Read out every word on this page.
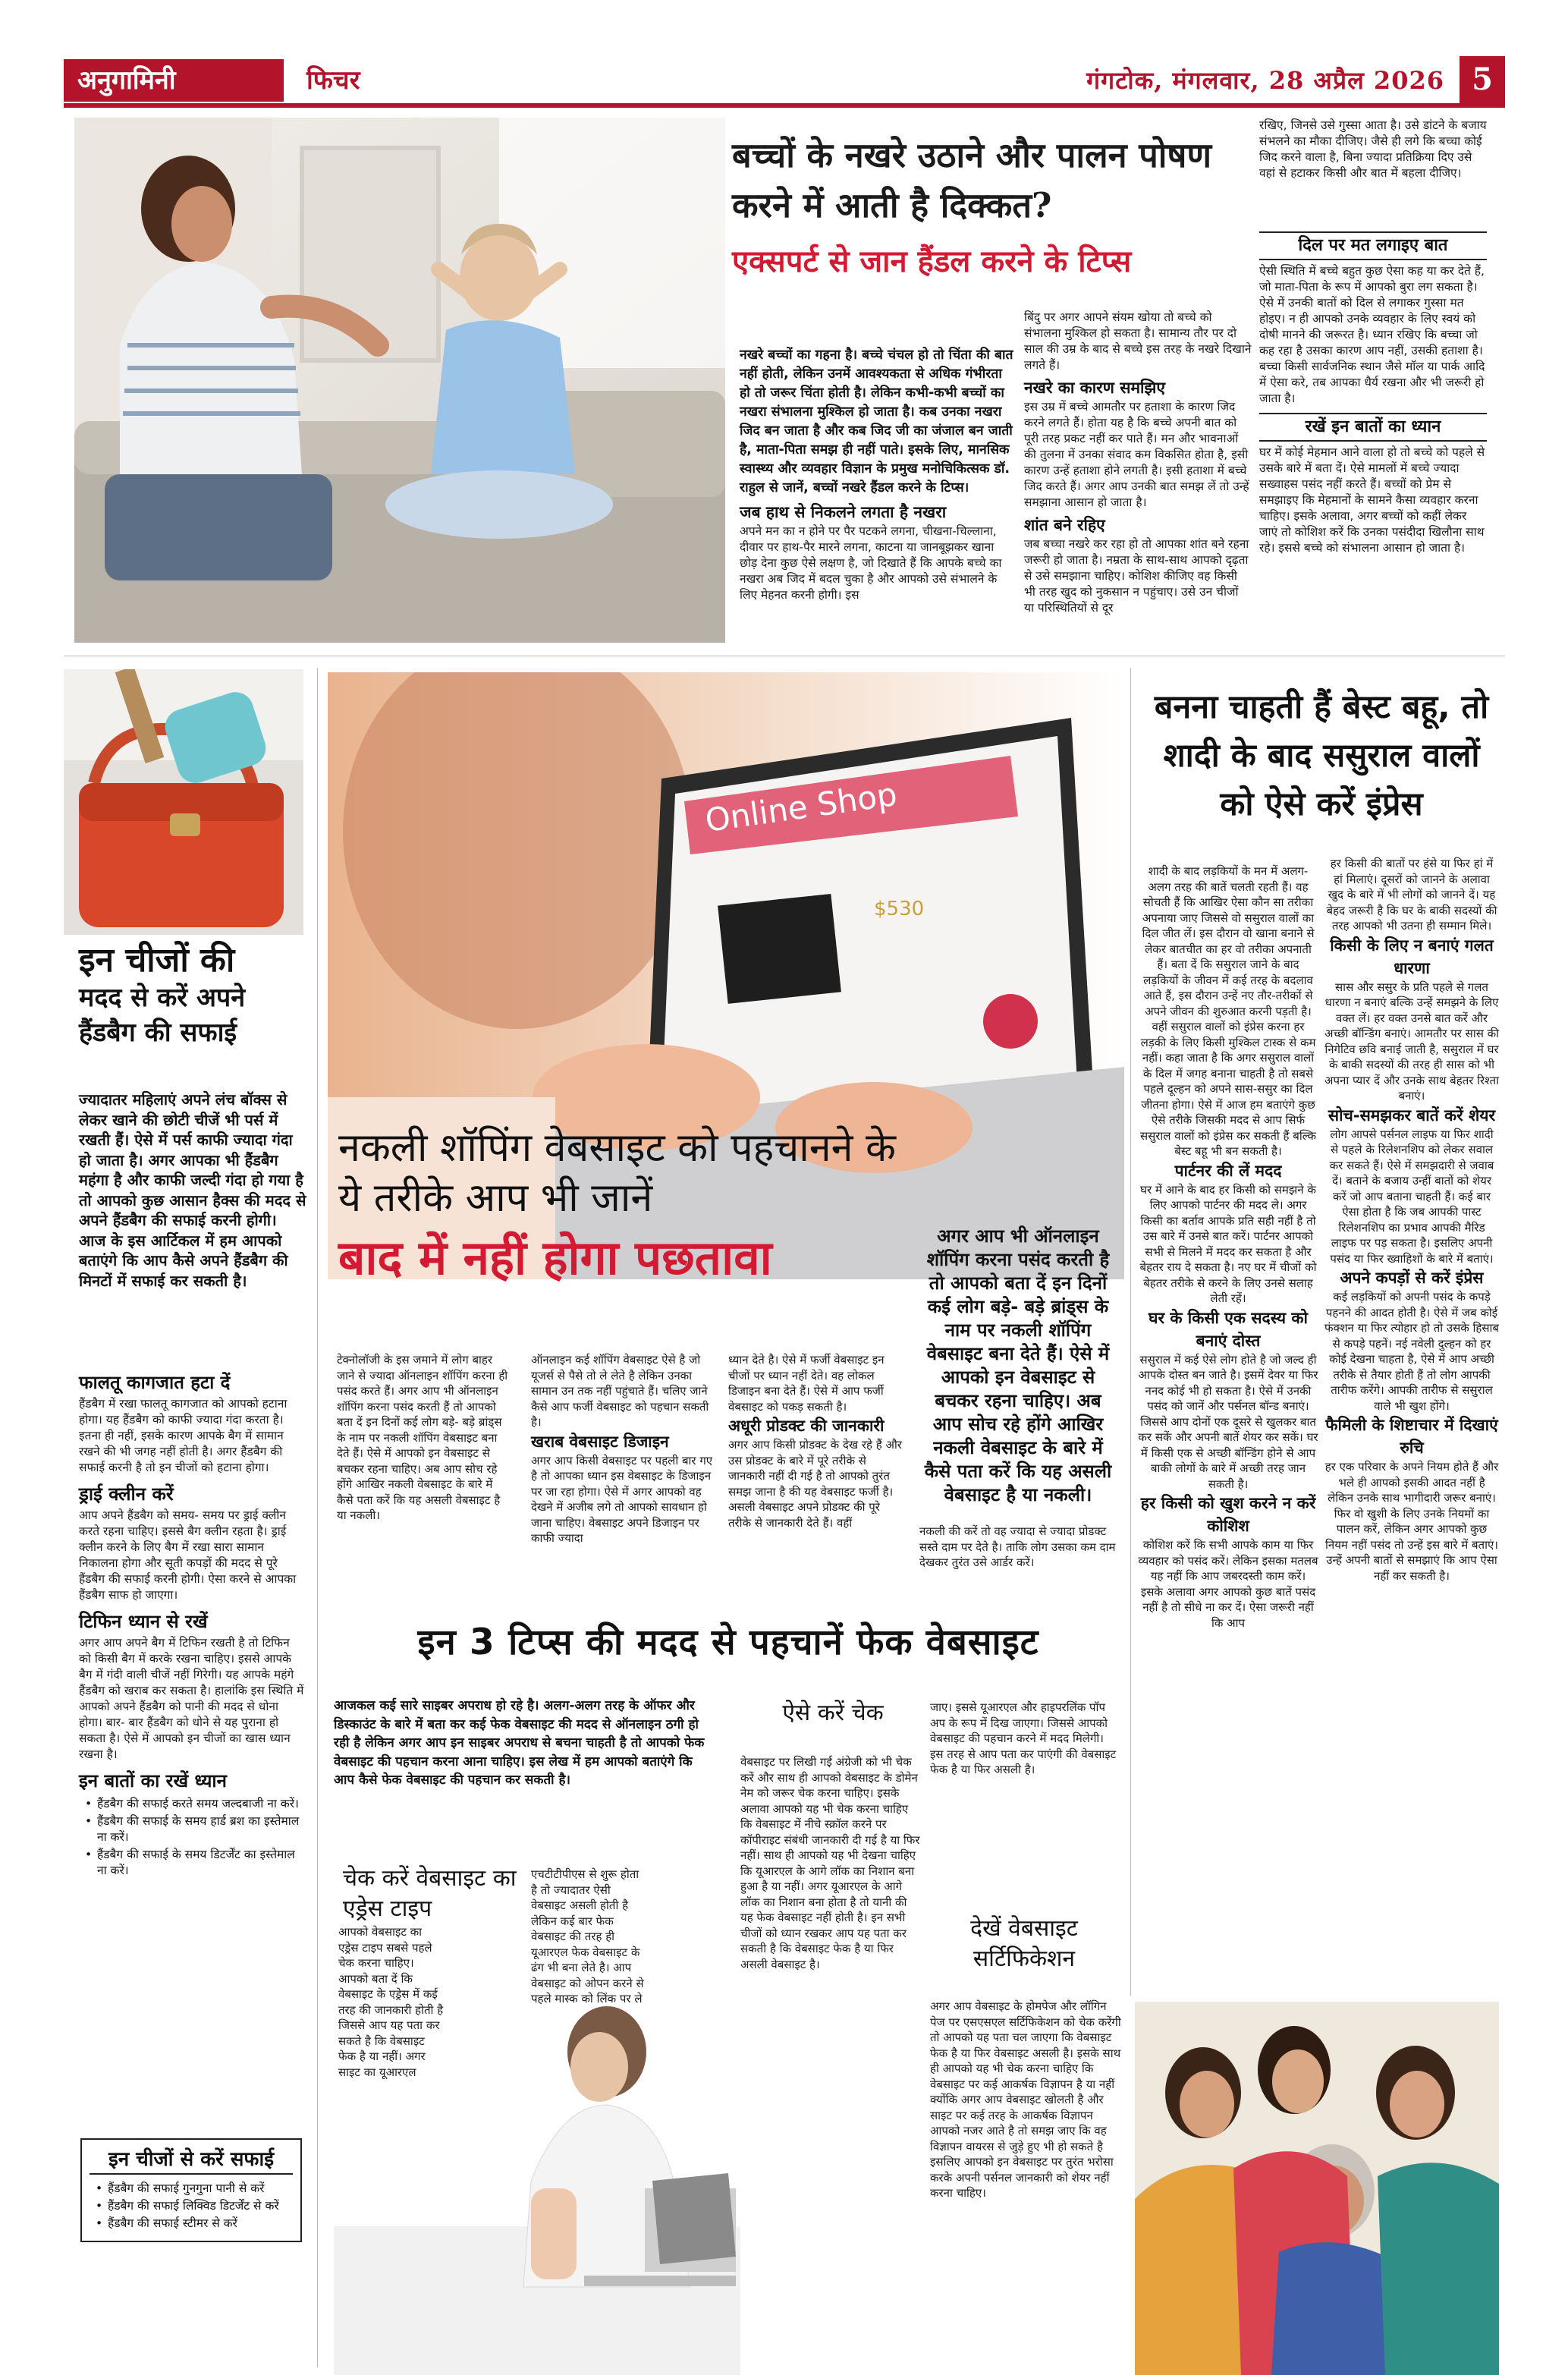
अनुगामिनी	फिचर	गंगटोक, मंगलवार, 28 अप्रैल 2026 5
बच्चों के नखरे उठाने और पालन पोषण करने में आती है दिक्कत?
एक्सपर्ट से जान हैंडल करने के टिप्स

नखरे बच्चों का गहना है। बच्चे चंचल हो तो चिंता की बात नहीं होती, लेकिन उनमें आवश्यकता से अधिक गंभीरता हो तो जरूर चिंता होती है। लेकिन कभी-कभी बच्चों का नखरा संभालना मुश्किल हो जाता है। कब उनका नखरा जिद बन जाता है और कब जिद जी का जंजाल बन जाती है, माता-पिता समझ ही नहीं पाते। इसके लिए, मानसिक स्वास्थ्य और व्यवहार विज्ञान के प्रमुख मनोचिकित्सक डॉ. राहुल से जानें, बच्चों नखरे हैंडल करने के टिप्स।

जब हाथ से निकलने लगता है नखरा

अपने मन का न होने पर पैर पटकने लगना, चीखना-चिल्लाना, दीवार पर हाथ-पैर मारने लगना, काटना या जानबूझकर खाना छोड़ देना कुछ ऐसे लक्षण है, जो दिखाते हैं कि आपके बच्चे का नखरा अब जिद में बदल चुका है और आपको उसे संभालने के लिए मेहनत करनी होगी। इस

बिंदु पर अगर आपने संयम खोया तो बच्चे को संभालना मुश्किल हो सकता है। सामान्य तौर पर दो साल की उम्र के बाद से बच्चे इस तरह के नखरे दिखाने लगते हैं।

नखरे का कारण समझिए

इस उम्र में बच्चे आमतौर पर हताशा के कारण जिद करने लगते हैं। होता यह है कि बच्चे अपनी बात को पूरी तरह प्रकट नहीं कर पाते हैं। मन और भावनाओं की तुलना में उनका संवाद कम विकसित होता है, इसी कारण उन्हें हताशा होने लगती है। इसी हताशा में बच्चे जिद करते हैं। अगर आप उनकी बात समझ लें तो उन्हें समझाना आसान हो जाता है।

शांत बने रहिए

जब बच्चा नखरे कर रहा हो तो आपका शांत बने रहना जरूरी हो जाता है। नम्रता के साथ-साथ आपको दृढ़ता से उसे समझाना चाहिए। कोशिश कीजिए वह किसी भी तरह खुद को नुकसान न पहुंचाए। उसे उन चीजों या परिस्थितियों से दूर

रखिए, जिनसे उसे गुस्सा आता है। उसे डांटने के बजाय संभलने का मौका दीजिए। जैसे ही लगे कि बच्चा कोई जिद करने वाला है, बिना ज्यादा प्रतिक्रिया दिए उसे वहां से हटाकर किसी और बात में बहला दीजिए।

दिल पर मत लगाइए बात

ऐसी स्थिति में बच्चे बहुत कुछ ऐसा कह या कर देते हैं, जो माता-पिता के रूप में आपको बुरा लग सकता है। ऐसे में उनकी बातों को दिल से लगाकर गुस्सा मत होइए। न ही आपको उनके व्यवहार के लिए स्वयं को दोषी मानने की जरूरत है। ध्यान रखिए कि बच्चा जो कह रहा है उसका कारण आप नहीं, उसकी हताशा है। बच्चा किसी सार्वजनिक स्थान जैसे मॉल या पार्क आदि में ऐसा करे, तब आपका धैर्य रखना और भी जरूरी हो जाता है।

रखें इन बातों का ध्यान

घर में कोई मेहमान आने वाला हो तो बच्चे को पहले से उसके बारे में बता दें। ऐसे मामलों में बच्चे ज्यादा सख्वाहस पसंद नहीं करते हैं। बच्चों को प्रेम से समझाइए कि मेहमानों के सामने कैसा व्यवहार करना चाहिए। इसके अलावा, अगर बच्चों को कहीं लेकर जाएं तो कोशिश करें कि उनका पसंदीदा खिलौना साथ रहे। इससे बच्चे को संभालना आसान हो जाता है।

इन चीजों की
मदद से करें अपने हैंडबैग की सफाई

ज्यादातर महिलाएं अपने लंच बॉक्स से लेकर खाने की छोटी चीजें भी पर्स में रखती हैं। ऐसे में पर्स काफी ज्यादा गंदा हो जाता है। अगर आपका भी हैंडबैग महंगा है और काफी जल्दी गंदा हो गया है तो आपको कुछ आसान हैक्स की मदद से अपने हैंडबैग की सफाई करनी होगी। आज के इस आर्टिकल में हम आपको बताएंगे कि आप कैसे अपने हैंडबैग की मिनटों में सफाई कर सकती है।

फालतू कागजात हटा दें

हैंडबैग में रखा फालतू कागजात को आपको हटाना होगा। यह हैंडबैग को काफी ज्यादा गंदा करता है। इतना ही नहीं, इसके कारण आपके बैग में सामान रखने की भी जगह नहीं होती है। अगर हैंडबैग की सफाई करनी है तो इन चीजों को हटाना होगा।

ड्राई क्लीन करें

आप अपने हैंडबैग को समय- समय पर ड्राई क्लीन करते रहना चाहिए। इससे बैग क्लीन रहता है। ड्राई क्लीन करने के लिए बैग में रखा सारा सामान निकालना होगा और सूती कपड़ों की मदद से पूरे हैंडबैग की सफाई करनी होगी। ऐसा करने से आपका हैंडबैग साफ हो जाएगा।

टिफिन ध्यान से रखें

अगर आप अपने बैग में टिफिन रखती है तो टिफिन को किसी बैग में करके रखना चाहिए। इससे आपके बैग में गंदी वाली चीजें नहीं गिरेगी। यह आपके महंगे हैंडबैग को खराब कर सकता है। हालांकि इस स्थिति में आपको अपने हैंडबैग को पानी की मदद से धोना होगा। बार- बार हैंडबैग को धोने से यह पुराना हो सकता है। ऐसे में आपको इन चीजों का खास ध्यान रखना है।

इन बातों का रखें ध्यान
• हैंडबैग की सफाई करते समय जल्दबाजी ना करें।
• हैंडबैग की सफाई के समय हार्ड ब्रश का इस्तेमाल ना करें।
• हैंडबैग की सफाई के समय डिटर्जेंट का इस्तेमाल ना करें।
इन चीजों से करें सफाई
• हैंडबैग की सफाई गुनगुना पानी से करें
• हैंडबैग की सफाई लिक्विड डिटर्जेंट से करें
• हैंडबैग की सफाई स्टीमर से करें
Online Shop
$530
नकली शॉपिंग वेबसाइट को पहचानने के ये तरीके आप भी जानें
बाद में नहीं होगा पछतावा	अगर आप भी ऑनलाइन शॉपिंग करना पसंद करती है तो आपको बता दें इन दिनों कई लोग बड़े- बड़े ब्रांड्स के नाम पर नकली शॉपिंग वेबसाइट बना देते हैं। ऐसे में आपको इन वेबसाइट से बचकर रहना चाहिए। अब आप सोच रहे होंगे आखिर नकली वेबसाइट के बारे में कैसे पता करें कि यह असली वेबसाइट है या नकली।

टेक्नोलॉजी के इस जमाने में लोग बाहर जाने से ज्यादा ऑनलाइन शॉपिंग करना ही पसंद करते हैं। अगर आप भी ऑनलाइन शॉपिंग करना पसंद करती हैं तो आपको बता दें इन दिनों कई लोग बड़े- बड़े ब्रांड्स के नाम पर नकली शॉपिंग वेबसाइट बना देते हैं। ऐसे में आपको इन वेबसाइट से बचकर रहना चाहिए। अब आप सोच रहे होंगे आखिर नकली वेबसाइट के बारे में कैसे पता करें कि यह असली वेबसाइट है या नकली।

ऑनलाइन कई शॉपिंग वेबसाइट ऐसे है जो यूजर्स से पैसे तो ले लेते है लेकिन उनका सामान उन तक नहीं पहुंचाते हैं। चलिए जाने कैसे आप फर्जी वेबसाइट को पहचान सकती है।

खराब वेबसाइट डिजाइन

अगर आप किसी वेबसाइट पर पहली बार गए है तो आपका ध्यान इस वेबसाइट के डिजाइन पर जा रहा होगा। ऐसे में अगर आपको वह देखने में अजीब लगे तो आपको सावधान हो जाना चाहिए। वेबसाइट अपने डिजाइन पर काफी ज्यादा

ध्यान देते है। ऐसे में फर्जी वेबसाइट इन चीजों पर ध्यान नहीं देते। वह लोकल डिजाइन बना देते हैं। ऐसे में आप फर्जी वेबसाइट को पकड़ सकती है।

अधूरी प्रोडक्ट की जानकारी

अगर आप किसी प्रोडक्ट के देख रहे हैं और उस प्रोडक्ट के बारे में पूरे तरीके से जानकारी नहीं दी गई है तो आपको तुरंत समझ जाना है की यह वेबसाइट फर्जी है। असली वेबसाइट अपने प्रोडक्ट की पूरे तरीके से जानकारी देते हैं। वहीं

नकली की करें तो वह ज्यादा से ज्यादा प्रोडक्ट सस्ते दाम पर देते है। ताकि लोग उसका कम दाम देखकर तुरंत उसे आर्डर करें।

इन 3 टिप्स की मदद से पहचानें फेक वेबसाइट

आजकल कई सारे साइबर अपराध हो रहे है। अलग-अलग तरह के ऑफर और डिस्काउंट के बारे में बता कर कई फेक वेबसाइट की मदद से ऑनलाइन ठगी हो रही है लेकिन अगर आप इन साइबर अपराध से बचना चाहती है तो आपको फेक वेबसाइट की पहचान करना आना चाहिए। इस लेख में हम आपको बताएंगे कि आप कैसे फेक वेबसाइट की पहचान कर सकती है।

चेक करें वेबसाइट का एड्रेस टाइप

आपको वेबसाइट का एड्रेस टाइप सबसे पहले चेक करना चाहिए। आपको बता दें कि वेबसाइट के एड्रेस में कई तरह की जानकारी होती है जिससे आप यह पता कर सकते है कि वेबसाइट फेक है या नहीं। अगर साइट का यूआरएल

एचटीटीपीएस से शुरू होता है तो ज्यादातर ऐसी वेबसाइट असली होती है लेकिन कई बार फेक वेबसाइट की तरह ही यूआरएल फेक वेबसाइट के ढंग भी बना लेते है। आप वेबसाइट को ओपन करने से पहले मास्क को लिंक पर ले

ऐसे करें चेक

वेबसाइट पर लिखी गई अंग्रेजी को भी चेक करें और साथ ही आपको वेबसाइट के डोमेन नेम को जरूर चेक करना चाहिए। इसके अलावा आपको यह भी चेक करना चाहिए कि वेबसाइट में नीचे स्क्रॉल करने पर कॉपीराइट संबंधी जानकारी दी गई है या फिर नहीं। साथ ही आपको यह भी देखना चाहिए कि यूआरएल के आगे लॉक का निशान बना हुआ है या नहीं। अगर यूआरएल के आगे लॉक का निशान बना होता है तो यानी की यह फेक वेबसाइट नहीं होती है। इन सभी चीजों को ध्यान रखकर आप यह पता कर सकती है कि वेबसाइट फेक है या फिर असली वेबसाइट है।

जाए। इससे यूआरएल और हाइपरलिंक पॉप अप के रूप में दिख जाएगा। जिससे आपको वेबसाइट की पहचान करने में मदद मिलेगी। इस तरह से आप पता कर पाएंगी की वेबसाइट फेक है या फिर असली है।

देखें वेबसाइट सर्टिफिकेशन

अगर आप वेबसाइट के होमपेज और लॉगिन पेज पर एसएसएल सर्टिफिकेशन को चेक करेंगी तो आपको यह पता चल जाएगा कि वेबसाइट फेक है या फिर वेबसाइट असली है। इसके साथ ही आपको यह भी चेक करना चाहिए कि वेबसाइट पर कई आकर्षक विज्ञापन है या नहीं क्योंकि अगर आप वेबसाइट खोलती है और साइट पर कई तरह के आकर्षक विज्ञापन आपको नजर आते है तो समझ जाए कि वह विज्ञापन वायरस से जुड़े हुए भी हो सकते है इसलिए आपको इन वेबसाइट पर तुरंत भरोसा करके अपनी पर्सनल जानकारी को शेयर नहीं करना चाहिए।

बनना चाहती हैं बेस्ट बहू, तो शादी के बाद ससुराल वालों को ऐसे करें इंप्रेस

शादी के बाद लड़कियों के मन में अलग-अलग तरह की बातें चलती रहती हैं। वह सोचती हैं कि आखिर ऐसा कौन सा तरीका अपनाया जाए जिससे वो ससुराल वालों का दिल जीत लें। इस दौरान वो खाना बनाने से लेकर बातचीत का हर वो तरीका अपनाती हैं। बता दें कि ससुराल जाने के बाद लड़कियों के जीवन में कई तरह के बदलाव आते हैं, इस दौरान उन्हें नए तौर-तरीकों से अपने जीवन की शुरुआत करनी पड़ती है। वहीं ससुराल वालों को इंप्रेस करना हर लड़की के लिए किसी मुश्किल टास्क से कम नहीं। कहा जाता है कि अगर ससुराल वालों के दिल में जगह बनाना चाहती है तो सबसे पहले दूल्हन को अपने सास-ससुर का दिल जीतना होगा। ऐसे में आज हम बताएंगे कुछ ऐसे तरीके जिसकी मदद से आप सिर्फ ससुराल वालों को इंप्रेस कर सकती हैं बल्कि बेस्ट बहू भी बन सकती है।

पार्टनर की लें मदद

घर में आने के बाद हर किसी को समझने के लिए आपको पार्टनर की मदद ले। अगर किसी का बर्ताव आपके प्रति सही नहीं है तो उस बारे में उनसे बात करें। पार्टनर आपको सभी से मिलने में मदद कर सकता है और बेहतर राय दे सकता है। नए घर में चीजों को बेहतर तरीके से करने के लिए उनसे सलाह लेती रहें।

घर के किसी एक सदस्य को बनाएं दोस्त

ससुराल में कई ऐसे लोग होते है जो जल्द ही आपके दोस्त बन जाते है। इसमें देवर या फिर ननद कोई भी हो सकता है। ऐसे में उनकी पसंद को जानें और पर्सनल बॉन्ड बनाएं। जिससे आप दोनों एक दूसरे से खुलकर बात कर सकें और अपनी बातें शेयर कर सकें। घर में किसी एक से अच्छी बॉन्डिंग होने से आप बाकी लोगों के बारे में अच्छी तरह जान सकती है।

हर किसी को खुश करने न करें कोशिश

कोशिश करें कि सभी आपके काम या फिर व्यवहार को पसंद करें। लेकिन इसका मतलब यह नहीं कि आप जबरदस्ती काम करें। इसके अलावा अगर आपको कुछ बातें पसंद नहीं है तो सीधे ना कर दें। ऐसा जरूरी नहीं कि आप

हर किसी की बातों पर हंसे या फिर हां में हां मिलाएं। दूसरों को जानने के अलावा खुद के बारे में भी लोगों को जानने दें। यह बेहद जरूरी है कि घर के बाकी सदस्यों की तरह आपको भी उतना ही सम्मान मिले।

किसी के लिए न बनाएं गलत धारणा

सास और ससुर के प्रति पहले से गलत धारणा न बनाएं बल्कि उन्हें समझने के लिए वक्त लें। हर वक्त उनसे बात करें और अच्छी बॉन्डिंग बनाएं। आमतौर पर सास की निगेटिव छवि बनाई जाती है, ससुराल में घर के बाकी सदस्यों की तरह ही सास को भी अपना प्यार दें और उनके साथ बेहतर रिश्ता बनाएं।

सोच-समझकर बातें करें शेयर

लोग आपसे पर्सनल लाइफ या फिर शादी से पहले के रिलेशनशिप को लेकर सवाल कर सकते हैं। ऐसे में समझदारी से जवाब दें। बताने के बजाय उन्हीं बातों को शेयर करें जो आप बताना चाहती हैं। कई बार ऐसा होता है कि जब आपकी पास्ट रिलेशनशिप का प्रभाव आपकी मैरिड लाइफ पर पड़ सकता है। इसलिए अपनी पसंद या फिर ख्वाहिशों के बारे में बताएं।

अपने कपड़ों से करें इंप्रेस

कई लड़कियों को अपनी पसंद के कपड़े पहनने की आदत होती है। ऐसे में जब कोई फंक्शन या फिर त्योहार हो तो उसके हिसाब से कपड़े पहनें। नई नवेली दुल्हन को हर कोई देखना चाहता है, ऐसे में आप अच्छी तरीके से तैयार होती हैं तो लोग आपकी तारीफ करेंगे। आपकी तारीफ से ससुराल वाले भी खुश होंगे।

फैमिली के शिष्टाचार में दिखाएं रुचि

हर एक परिवार के अपने नियम होते हैं और भले ही आपको इसकी आदत नहीं है लेकिन उनके साथ भागीदारी जरूर बनाएं। फिर वो खुशी के लिए उनके नियमों का पालन करें, लेकिन अगर आपको कुछ नियम नहीं पसंद तो उन्हें इस बारे में बताएं। उन्हें अपनी बातों से समझाएं कि आप ऐसा नहीं कर सकती है।
